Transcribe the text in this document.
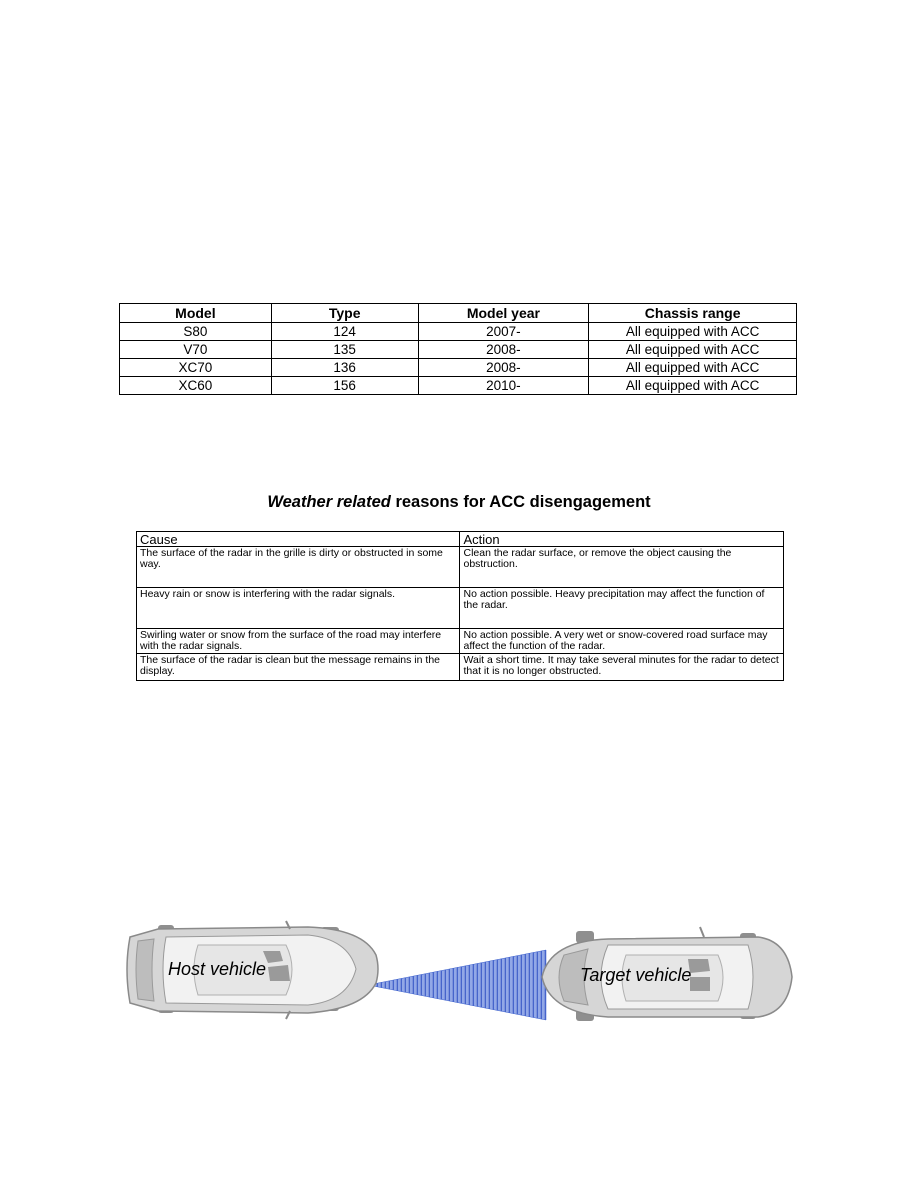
Model	Type	Model year	Chassis range
S80	124	2007-	All equipped with ACC
V70	135	2008-	All equipped with ACC
XC70	136	2008-	All equipped with ACC
XC60	156	2010-	All equipped with ACC
Weather related reasons for ACC disengagement
Cause	Action
The surface of the radar in the grille is dirty or obstructed in some way.	Clean the radar surface, or remove the object causing the obstruction.
Heavy rain or snow is interfering with the radar signals.	No action possible. Heavy precipitation may affect the function of the radar.
Swirling water or snow from the surface of the road may interfere with the radar signals.	No action possible. A very wet or snow-covered road surface may affect the function of the radar.
The surface of the radar is clean but the message remains in the display.	Wait a short time. It may take several minutes for the radar to detect that it is no longer obstructed.
Host vehicle	Target vehicle
